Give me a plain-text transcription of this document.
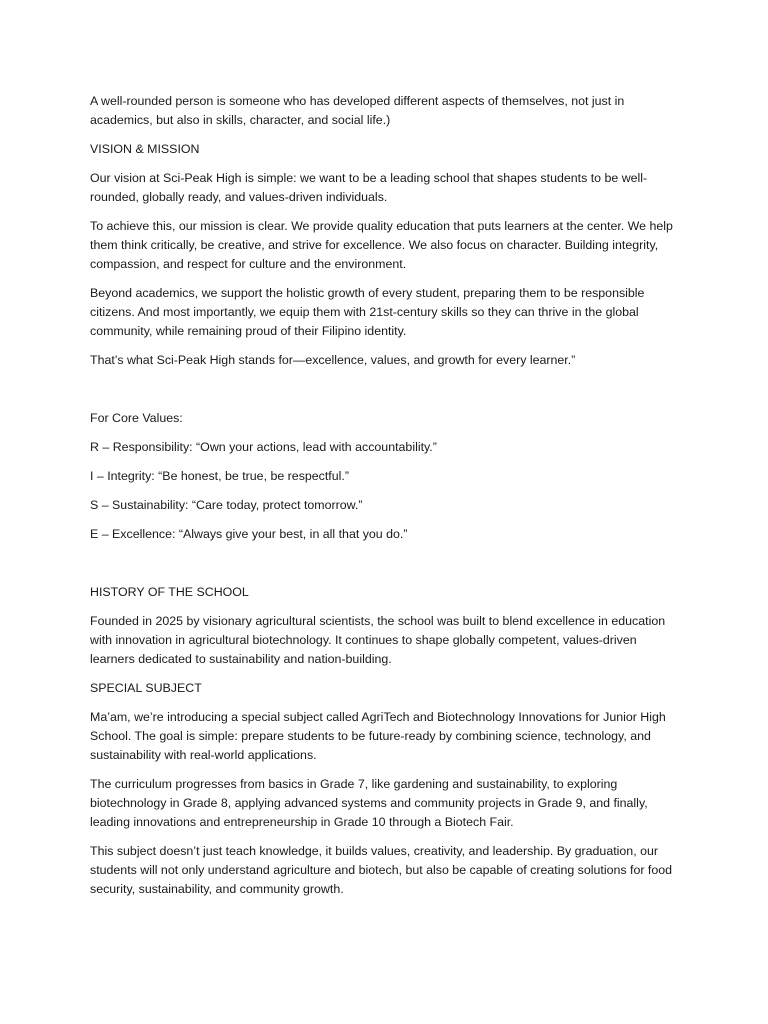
A well-rounded person is someone who has developed different aspects of themselves, not just in academics, but also in skills, character, and social life.)

VISION & MISSION

Our vision at Sci-Peak High is simple: we want to be a leading school that shapes students to be well-rounded, globally ready, and values-driven individuals.

To achieve this, our mission is clear. We provide quality education that puts learners at the center. We help them think critically, be creative, and strive for excellence. We also focus on character. Building integrity, compassion, and respect for culture and the environment.

Beyond academics, we support the holistic growth of every student, preparing them to be responsible citizens. And most importantly, we equip them with 21st-century skills so they can thrive in the global community, while remaining proud of their Filipino identity.

That’s what Sci-Peak High stands for—excellence, values, and growth for every learner.”

For Core Values:

R – Responsibility: “Own your actions, lead with accountability.”

I – Integrity: “Be honest, be true, be respectful.”

S – Sustainability: “Care today, protect tomorrow.”

E – Excellence: “Always give your best, in all that you do.”

HISTORY OF THE SCHOOL

Founded in 2025 by visionary agricultural scientists, the school was built to blend excellence in education with innovation in agricultural biotechnology. It continues to shape globally competent, values-driven learners dedicated to sustainability and nation-building.

SPECIAL SUBJECT

Ma’am, we’re introducing a special subject called AgriTech and Biotechnology Innovations for Junior High School. The goal is simple: prepare students to be future-ready by combining science, technology, and sustainability with real-world applications.

The curriculum progresses from basics in Grade 7, like gardening and sustainability, to exploring biotechnology in Grade 8, applying advanced systems and community projects in Grade 9, and finally, leading innovations and entrepreneurship in Grade 10 through a Biotech Fair.

This subject doesn’t just teach knowledge, it builds values, creativity, and leadership. By graduation, our students will not only understand agriculture and biotech, but also be capable of creating solutions for food security, sustainability, and community growth.
